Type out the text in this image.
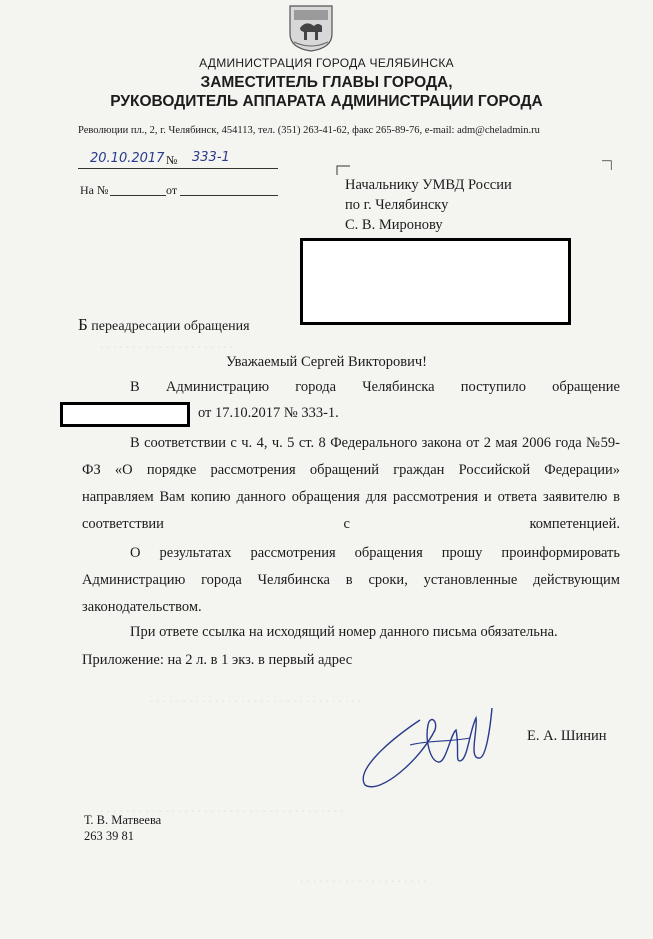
АДМИНИСТРАЦИЯ ГОРОДА ЧЕЛЯБИНСКА
ЗАМЕСТИТЕЛЬ ГЛАВЫ ГОРОДА,
РУКОВОДИТЕЛЬ АППАРАТА АДМИНИСТРАЦИИ ГОРОДА
Революции пл., 2, г. Челябинск, 454113, тел. (351) 263-41-62, факс 265-89-76, e-mail: adm@cheladmin.ru
20.10.2017 № 333-1
На №	от	Начальнику УМВД России
по г. Челябинску
С. В. Миронову
. . . . . . . . . . . . . . . . . . . . .
Б переадресации обращения
Уважаемый Сергей Викторович!
В Администрацию города Челябинска поступило обращение
от 17.10.2017 № 333-1.
В соответствии с ч. 4, ч. 5 ст. 8 Федерального закона от 2 мая 2006 года №59-ФЗ «О порядке рассмотрения обращений граждан Российской Федерации» направляем Вам копию данного обращения для рассмотрения и ответа заявителю в соответствии с компетенцией.
О результатах рассмотрения обращения прошу проинформировать Администрацию города Челябинска в сроки, установленные действующим законодательством.
При ответе ссылка на исходящий номер данного письма обязательна.
Приложение: на 2 л. в 1 экз. в первый адрес
Е. А. Шинин
Т. В. Матвеева
263 39 81
. . . . . . . . . . . . . . . . . . . . . . . . . . . . . . . . .
. . . . . . . . . . . . . . . . . . . . . . . . . . . . . . . . . . . . . .
. . . . . . . . . . . . . . . . . . . .
